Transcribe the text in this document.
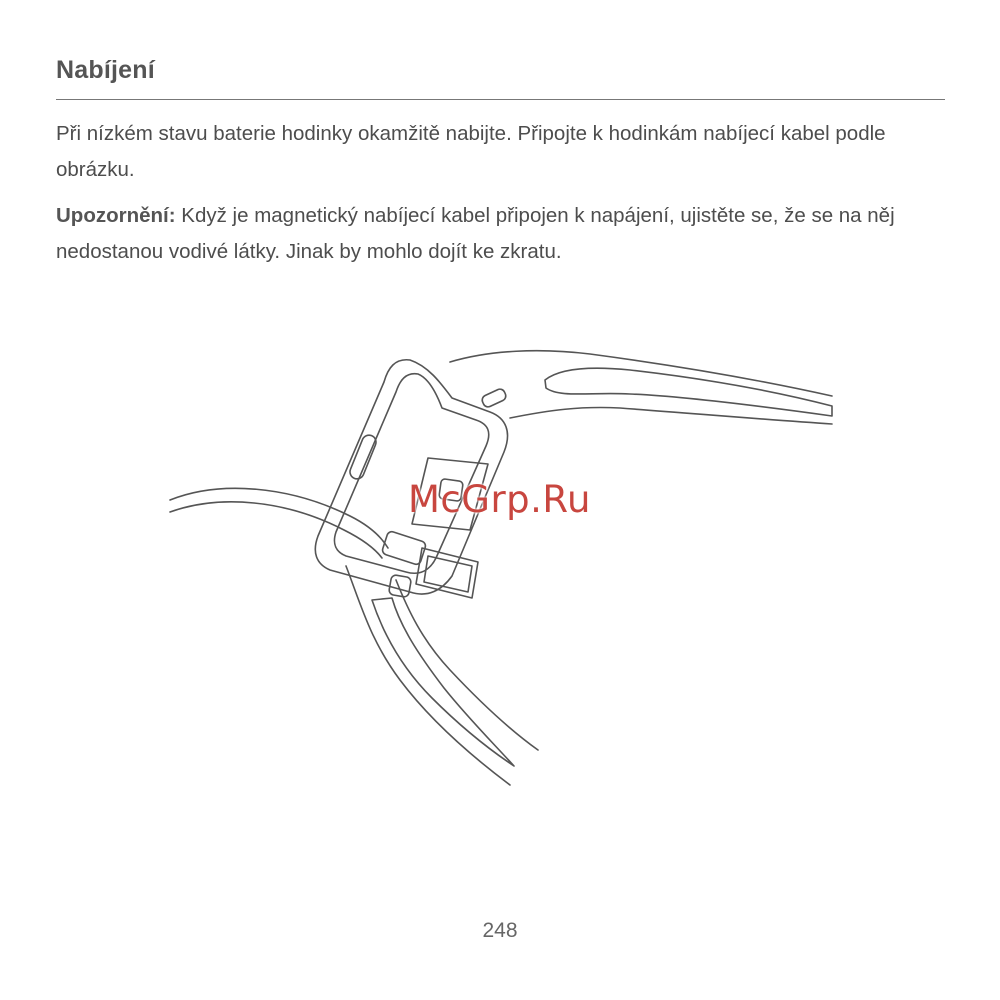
Nabíjení

Při nízkém stavu baterie hodinky okamžitě nabijte. Připojte k hodinkám nabíjecí kabel podle obrázku.

Upozornění: Když je magnetický nabíjecí kabel připojen k napájení, ujistěte se, že se na něj nedostanou vodivé látky. Jinak by mohlo dojít ke zkratu.

McGrp.Ru
248
